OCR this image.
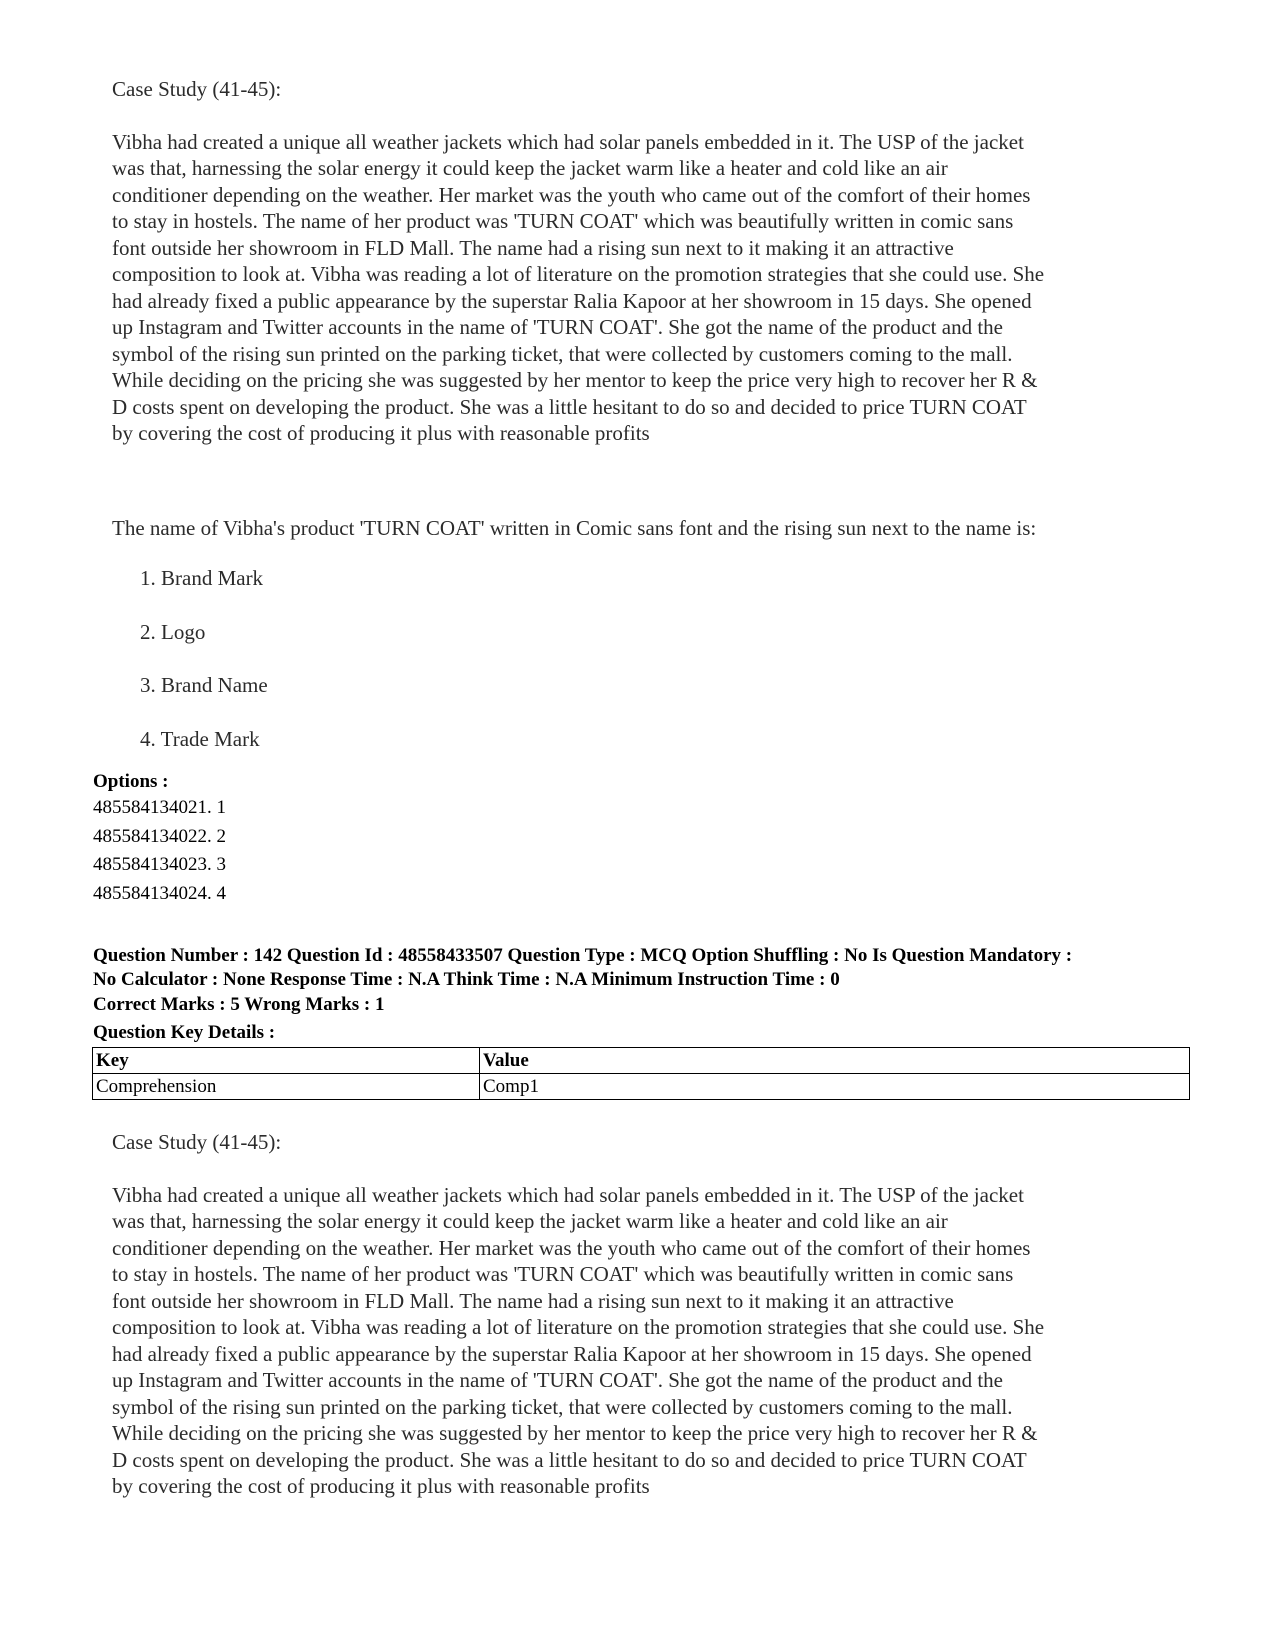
Case Study (41-45):

Vibha had created a unique all weather jackets which had solar panels embedded in it. The USP of the jacket
was that, harnessing the solar energy it could keep the jacket warm like a heater and cold like an air
conditioner depending on the weather. Her market was the youth who came out of the comfort of their homes
to stay in hostels. The name of her product was 'TURN COAT' which was beautifully written in comic sans
font outside her showroom in FLD Mall. The name had a rising sun next to it making it an attractive
composition to look at. Vibha was reading a lot of literature on the promotion strategies that she could use. She
had already fixed a public appearance by the superstar Ralia Kapoor at her showroom in 15 days. She opened
up Instagram and Twitter accounts in the name of 'TURN COAT'. She got the name of the product and the
symbol of the rising sun printed on the parking ticket, that were collected by customers coming to the mall.
While deciding on the pricing she was suggested by her mentor to keep the price very high to recover her R &
D costs spent on developing the product. She was a little hesitant to do so and decided to price TURN COAT
by covering the cost of producing it plus with reasonable profits

The name of Vibha's product 'TURN COAT' written in Comic sans font and the rising sun next to the name is:

1. Brand Mark
2. Logo
3. Brand Name
4. Trade Mark
Options :
485584134021. 1
485584134022. 2
485584134023. 3
485584134024. 4
Question Number : 142 Question Id : 48558433507 Question Type : MCQ Option Shuffling : No Is Question Mandatory :
No Calculator : None Response Time : N.A Think Time : N.A Minimum Instruction Time : 0
Correct Marks : 5 Wrong Marks : 1
Question Key Details :
Key	Value
Comprehension	Comp1

Case Study (41-45):

Vibha had created a unique all weather jackets which had solar panels embedded in it. The USP of the jacket
was that, harnessing the solar energy it could keep the jacket warm like a heater and cold like an air
conditioner depending on the weather. Her market was the youth who came out of the comfort of their homes
to stay in hostels. The name of her product was 'TURN COAT' which was beautifully written in comic sans
font outside her showroom in FLD Mall. The name had a rising sun next to it making it an attractive
composition to look at. Vibha was reading a lot of literature on the promotion strategies that she could use. She
had already fixed a public appearance by the superstar Ralia Kapoor at her showroom in 15 days. She opened
up Instagram and Twitter accounts in the name of 'TURN COAT'. She got the name of the product and the
symbol of the rising sun printed on the parking ticket, that were collected by customers coming to the mall.
While deciding on the pricing she was suggested by her mentor to keep the price very high to recover her R &
D costs spent on developing the product. She was a little hesitant to do so and decided to price TURN COAT
by covering the cost of producing it plus with reasonable profits
